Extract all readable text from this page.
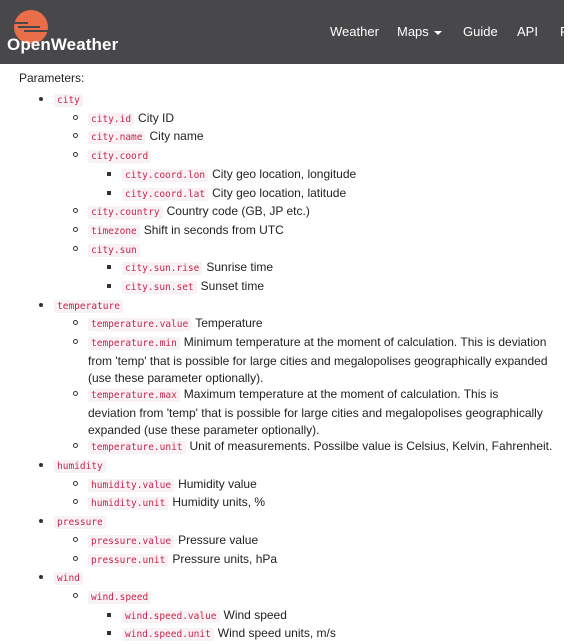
OpenWeather
Weather Maps	Guide API F
Parameters:
city
city.id City ID
city.name City name
city.coord
city.coord.lon City geo location, longitude
city.coord.lat City geo location, latitude
city.country Country code (GB, JP etc.)
timezone Shift in seconds from UTC
city.sun
city.sun.rise Sunrise time
city.sun.set Sunset time
temperature
temperature.value Temperature
temperature.min Minimum temperature at the moment of calculation. This is deviation from 'temp' that is possible for large cities and megalopolises geographically expanded (use these parameter optionally).
temperature.max Maximum temperature at the moment of calculation. This is deviation from 'temp' that is possible for large cities and megalopolises geographically expanded (use these parameter optionally).
temperature.unit Unit of measurements. Possilbe value is Celsius, Kelvin, Fahrenheit.
humidity
humidity.value Humidity value
humidity.unit Humidity units, %
pressure
pressure.value Pressure value
pressure.unit Pressure units, hPa
wind
wind.speed
wind.speed.value Wind speed
wind.speed.unit Wind speed units, m/s
